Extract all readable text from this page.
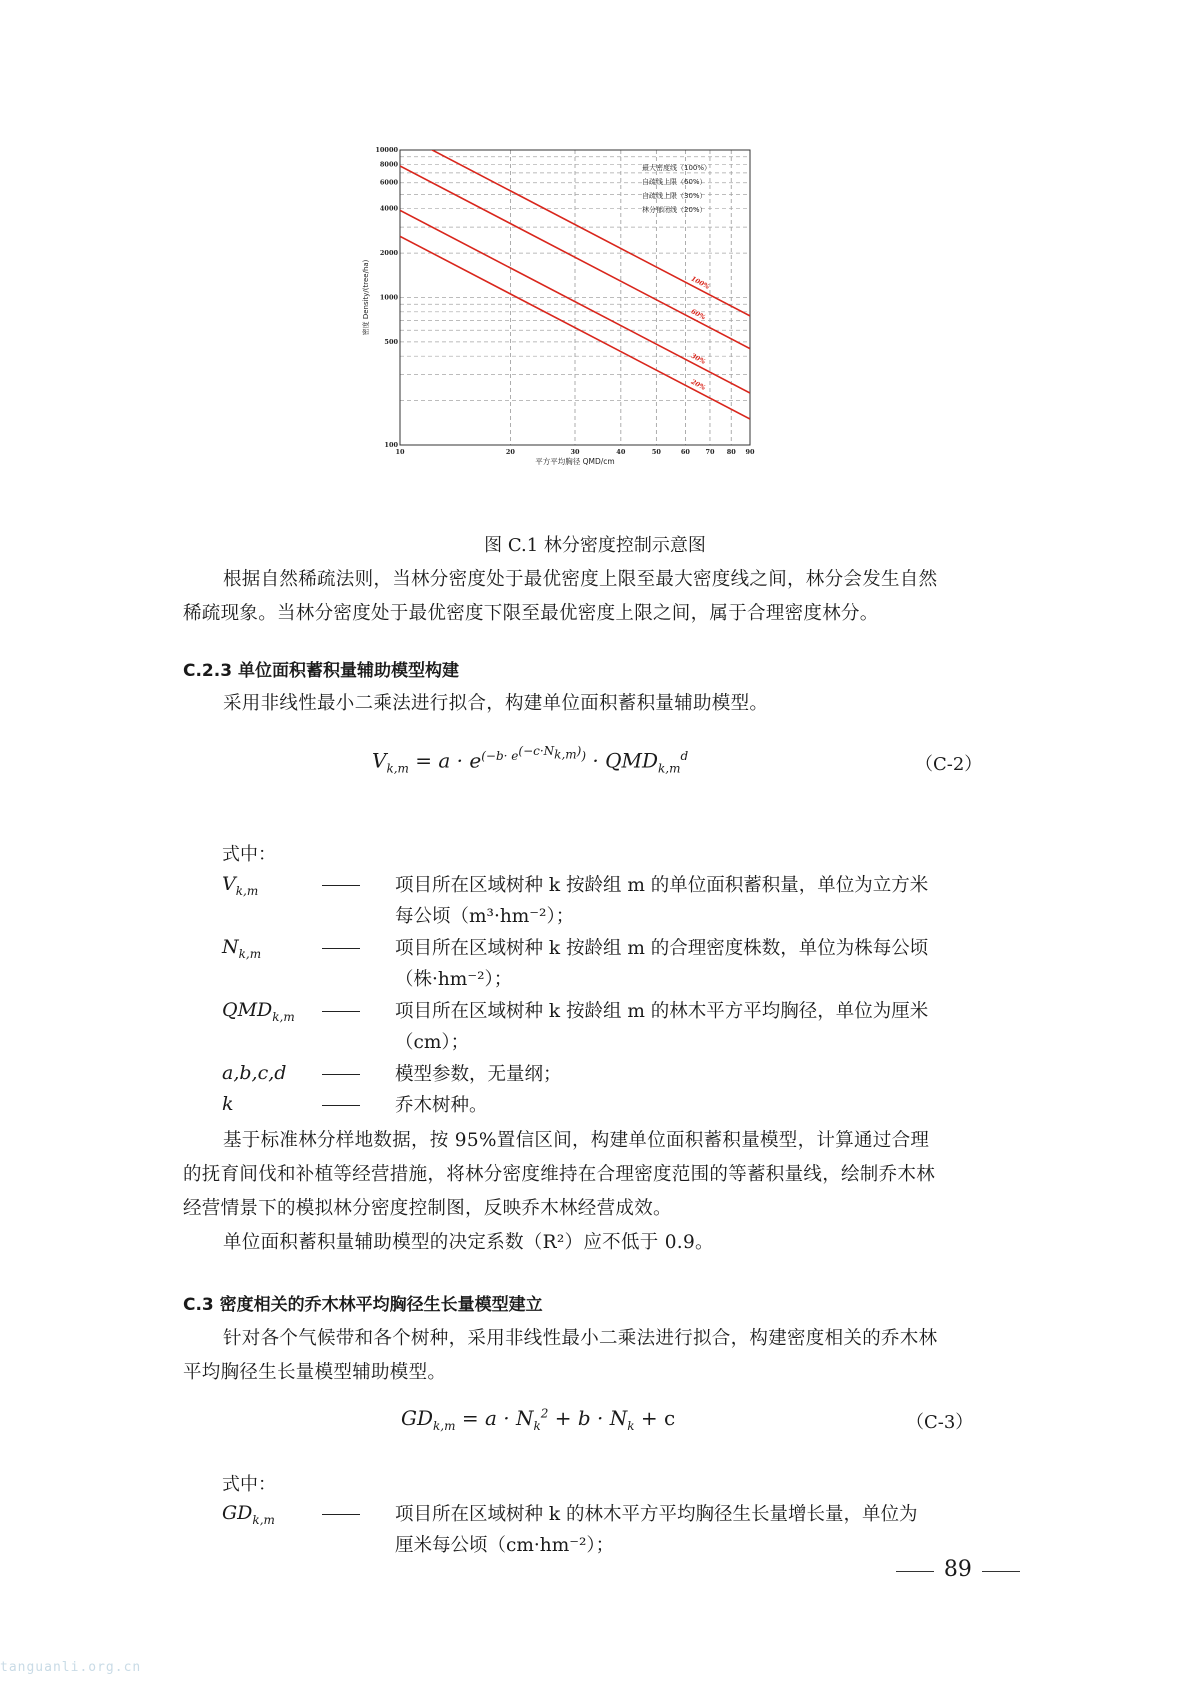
10	20	30	40	50	60 70 80 90
100
500
1000
2000
4000
6000
8000
10000
平方平均胸径 QMD/cm
密度 Density/(tree/ha)	100%
60%
30%
20%
最大密度线（100%）
自疏线上限（60%）
自疏线上限（30%）
林分郁闭线（20%）
图 C.1 林分密度控制示意图
根据自然稀疏法则，当林分密度处于最优密度上限至最大密度线之间，林分会发生自然
稀疏现象。当林分密度处于最优密度下限至最优密度上限之间，属于合理密度林分。
C.2.3 单位面积蓄积量辅助模型构建
采用非线性最小二乘法进行拟合，构建单位面积蓄积量辅助模型。
$V_{k,m} = a \cdot e^{(-b\cdot e^{(-c\cdot N_{k,m})})} \cdot QMD_{k,m}^d$	（C-2）
式中：
$V_{k,m}$	项目所在区域树种 k 按龄组 m 的单位面积蓄积量，单位为立方米
每公顷（m³·hm⁻²）；
$N_{k,m}$	项目所在区域树种 k 按龄组 m 的合理密度株数，单位为株每公顷
（株·hm⁻²）；
$QMD_{k,m}$	项目所在区域树种 k 按龄组 m 的林木平方平均胸径，单位为厘米
（cm）；
a,b,c,d	模型参数，无量纲；
k	乔木树种。
基于标准林分样地数据，按 95%置信区间，构建单位面积蓄积量模型，计算通过合理
的抚育间伐和补植等经营措施，将林分密度维持在合理密度范围的等蓄积量线，绘制乔木林
经营情景下的模拟林分密度控制图，反映乔木林经营成效。
单位面积蓄积量辅助模型的决定系数（R²）应不低于 0.9。
C.3 密度相关的乔木林平均胸径生长量模型建立
针对各个气候带和各个树种，采用非线性最小二乘法进行拟合，构建密度相关的乔木林
平均胸径生长量模型辅助模型。
$GD_{k,m} = a \cdot N_k^2 + b \cdot N_k + c$	（C-3）
式中：
$GD_{k,m}$	项目所在区域树种 k 的林木平方平均胸径生长量增长量，单位为
厘米每公顷（cm·hm⁻²）；
89
tanguanli.org.cn
